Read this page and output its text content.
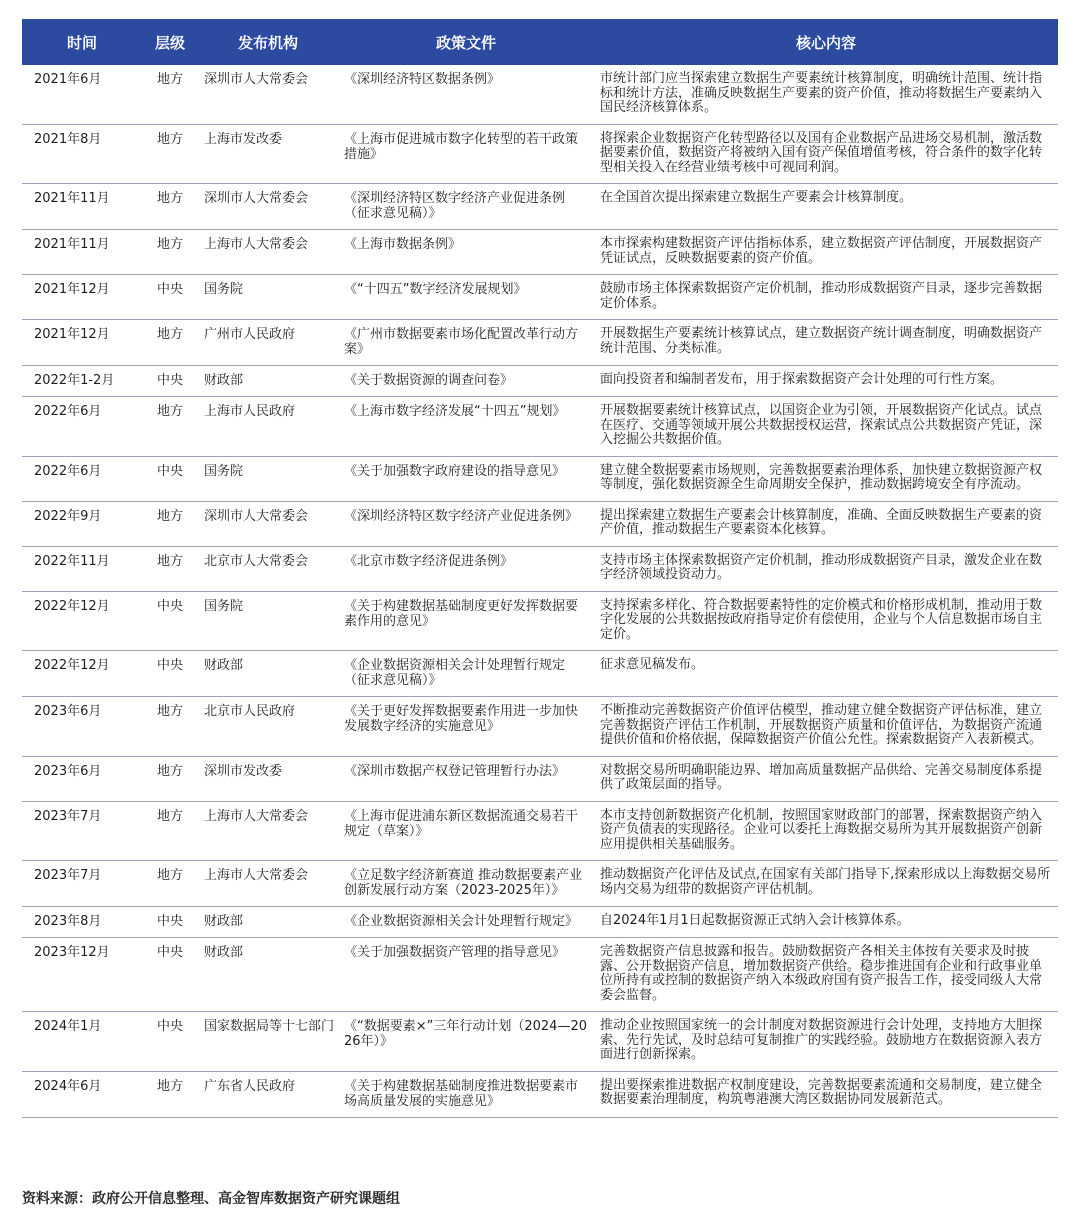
时间	层级	发布机构	政策文件	核心内容
2021年6月	地方	深圳市人大常委会	《深圳经济特区数据条例》	市统计部门应当探索建立数据生产要素统计核算制度，明确统计范围、统计指标和统计方法，准确反映数据生产要素的资产价值，推动将数据生产要素纳入国民经济核算体系。
2021年8月	地方	上海市发改委	《上海市促进城市数字化转型的若干政策措施》	将探索企业数据资产化转型路径以及国有企业数据产品进场交易机制，激活数据要素价值，数据资产将被纳入国有资产保值增值考核，符合条件的数字化转型相关投入在经营业绩考核中可视同利润。
2021年11月	地方	深圳市人大常委会	《深圳经济特区数字经济产业促进条例（征求意见稿）》	在全国首次提出探索建立数据生产要素会计核算制度。
2021年11月	地方	上海市人大常委会	《上海市数据条例》	本市探索构建数据资产评估指标体系，建立数据资产评估制度，开展数据资产凭证试点，反映数据要素的资产价值。
2021年12月	中央	国务院	《“十四五”数字经济发展规划》	鼓励市场主体探索数据资产定价机制，推动形成数据资产目录，逐步完善数据定价体系。
2021年12月	地方	广州市人民政府	《广州市数据要素市场化配置改革行动方案》	开展数据生产要素统计核算试点，建立数据资产统计调查制度，明确数据资产统计范围、分类标准。
2022年1-2月	中央	财政部	《关于数据资源的调查问卷》	面向投资者和编制者发布，用于探索数据资产会计处理的可行性方案。
2022年6月	地方	上海市人民政府	《上海市数字经济发展“十四五”规划》	开展数据要素统计核算试点，以国资企业为引领，开展数据资产化试点。试点在医疗、交通等领域开展公共数据授权运营，探索试点公共数据资产凭证，深入挖掘公共数据价值。
2022年6月	中央	国务院	《关于加强数字政府建设的指导意见》	建立健全数据要素市场规则，完善数据要素治理体系，加快建立数据资源产权等制度，强化数据资源全生命周期安全保护，推动数据跨境安全有序流动。
2022年9月	地方	深圳市人大常委会	《深圳经济特区数字经济产业促进条例》	提出探索建立数据生产要素会计核算制度，准确、全面反映数据生产要素的资产价值，推动数据生产要素资本化核算。
2022年11月	地方	北京市人大常委会	《北京市数字经济促进条例》	支持市场主体探索数据资产定价机制，推动形成数据资产目录，激发企业在数字经济领域投资动力。
2022年12月	中央	国务院	《关于构建数据基础制度更好发挥数据要素作用的意见》	支持探索多样化、符合数据要素特性的定价模式和价格形成机制，推动用于数字化发展的公共数据按政府指导定价有偿使用，企业与个人信息数据市场自主定价。
2022年12月	中央	财政部	《企业数据资源相关会计处理暂行规定（征求意见稿）》	征求意见稿发布。
2023年6月	地方	北京市人民政府	《关于更好发挥数据要素作用进一步加快发展数字经济的实施意见》	不断推动完善数据资产价值评估模型，推动建立健全数据资产评估标准，建立完善数据资产评估工作机制，开展数据资产质量和价值评估，为数据资产流通提供价值和价格依据，保障数据资产价值公允性。探索数据资产入表新模式。
2023年6月	地方	深圳市发改委	《深圳市数据产权登记管理暂行办法》	对数据交易所明确职能边界、增加高质量数据产品供给、完善交易制度体系提供了政策层面的指导。
2023年7月	地方	上海市人大常委会	《上海市促进浦东新区数据流通交易若干规定（草案）》	本市支持创新数据资产化机制，按照国家财政部门的部署，探索数据资产纳入资产负债表的实现路径。企业可以委托上海数据交易所为其开展数据资产创新应用提供相关基础服务。
2023年7月	地方	上海市人大常委会	《立足数字经济新赛道 推动数据要素产业创新发展行动方案（2023-2025年）》	推动数据资产化评估及试点,在国家有关部门指导下,探索形成以上海数据交易所场内交易为纽带的数据资产评估机制。
2023年8月	中央	财政部	《企业数据资源相关会计处理暂行规定》	自2024年1月1日起数据资源正式纳入会计核算体系。
2023年12月	中央	财政部	《关于加强数据资产管理的指导意见》	完善数据资产信息披露和报告。鼓励数据资产各相关主体按有关要求及时披露、公开数据资产信息，增加数据资产供给。稳步推进国有企业和行政事业单位所持有或控制的数据资产纳入本级政府国有资产报告工作，接受同级人大常委会监督。
2024年1月	中央	国家数据局等十七部门	《“数据要素×”三年行动计划（2024—2026年）》	推动企业按照国家统一的会计制度对数据资源进行会计处理，支持地方大胆探索、先行先试，及时总结可复制推广的实践经验。鼓励地方在数据资源入表方面进行创新探索。
2024年6月	地方	广东省人民政府	《关于构建数据基础制度推进数据要素市场高质量发展的实施意见》	提出要探索推进数据产权制度建设，完善数据要素流通和交易制度，建立健全数据要素治理制度，构筑粤港澳大湾区数据协同发展新范式。
资料来源：政府公开信息整理、高金智库数据资产研究课题组
